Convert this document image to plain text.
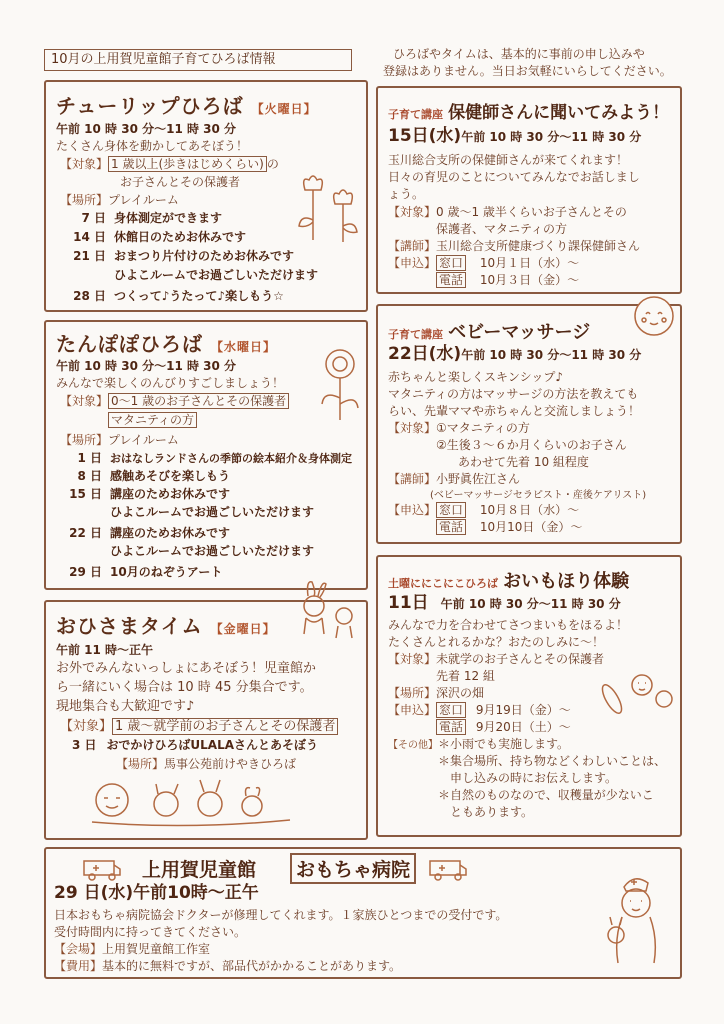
10月の上用賀児童館子育てひろば情報	ひろばやタイムは、基本的に事前の申し込みや
登録はありません。当日お気軽にいらしてください。
チューリップひろば 【火曜日】
午前 10 時 30 分～11 時 30 分
たくさん身体を動かしてあそぼう！
【対象】 1 歳以上(歩きはじめくらい) の
お子さんとその保護者
【場所】プレイルーム
7 日 身体測定ができます
14 日 休館日のためお休みです
21 日 おまつり片付けのためお休みです
ひよこルームでお過ごしいただけます
28 日 つくって♪うたって♪楽しもう☆
たんぽぽひろば 【水曜日】
午前 10 時 30 分～11 時 30 分
みんなで楽しくのんびりすごしましょう！
【対象】 0～1 歳のお子さんとその保護者
マタニティの方
【場所】プレイルーム
1 日 おはなしランドさんの季節の絵本紹介＆身体測定
8 日 感触あそびを楽しもう
15 日 講座のためお休みです
ひよこルームでお過ごしいただけます
22 日 講座のためお休みです
ひよこルームでお過ごしいただけます
29 日 10月のねぞうアート
おひさまタイム 【金曜日】
午前 11 時～正午
お外でみんないっしょにあそぼう！児童館か
ら一緒にいく場合は 10 時 45 分集合です。
現地集合も大歓迎です♪
【対象】 1 歳～就学前のお子さんとその保護者
3 日 おでかけひろばULALAさんとあそぼう
【場所】馬事公苑前けやきひろば
子育て講座 保健師さんに聞いてみよう！
15日(水)午前 10 時 30 分～11 時 30 分
玉川総合支所の保健師さんが来てくれます！
日々の育児のことについてみんなでお話しまし
ょう。
【対象】0 歳～1 歳半くらいお子さんとその
保護者、マタニティの方
【講師】玉川総合支所健康づくり課保健師さん
【申込】 窓口 10月１日（水）～
電話 10月３日（金）～
子育て講座 ベビーマッサージ
22日(水)午前 10 時 30 分～11 時 30 分
赤ちゃんと楽しくスキンシップ♪
マタニティの方はマッサージの方法を教えても
らい、先輩ママや赤ちゃんと交流しましょう！
【対象】①マタニティの方
②生後３～６か月くらいのお子さん
あわせて先着 10 組程度
【講師】小野眞佐江さん
(ベビーマッサージセラピスト・産後ケアリスト)
【申込】 窓口 10月８日（水）～
電話 10月10日（金）～
土曜ににこにこひろば おいもほり体験
11日 午前 10 時 30 分～11 時 30 分
みんなで力を合わせてさつまいもをほるよ！
たくさんとれるかな？おたのしみに～！
【対象】未就学のお子さんとその保護者
先着 12 組
【場所】深沢の畑
【申込】 窓口 9月19日（金）～
電話 9月20日（土）～
【その他】 ＊小雨でも実施します。
＊集合場所、持ち物などくわしいことは、
　申し込みの時にお伝えします。
＊自然のものなので、収穫量が少ないこ
　ともあります。
上用賀児童館	おもちゃ病院
29 日(水)午前10時～正午
日本おもちゃ病院協会ドクターが修理してくれます。１家族ひとつまでの受付です。
受付時間内に持ってきてください。
【会場】上用賀児童館工作室
【費用】基本的に無料ですが、部品代がかかることがあります。
